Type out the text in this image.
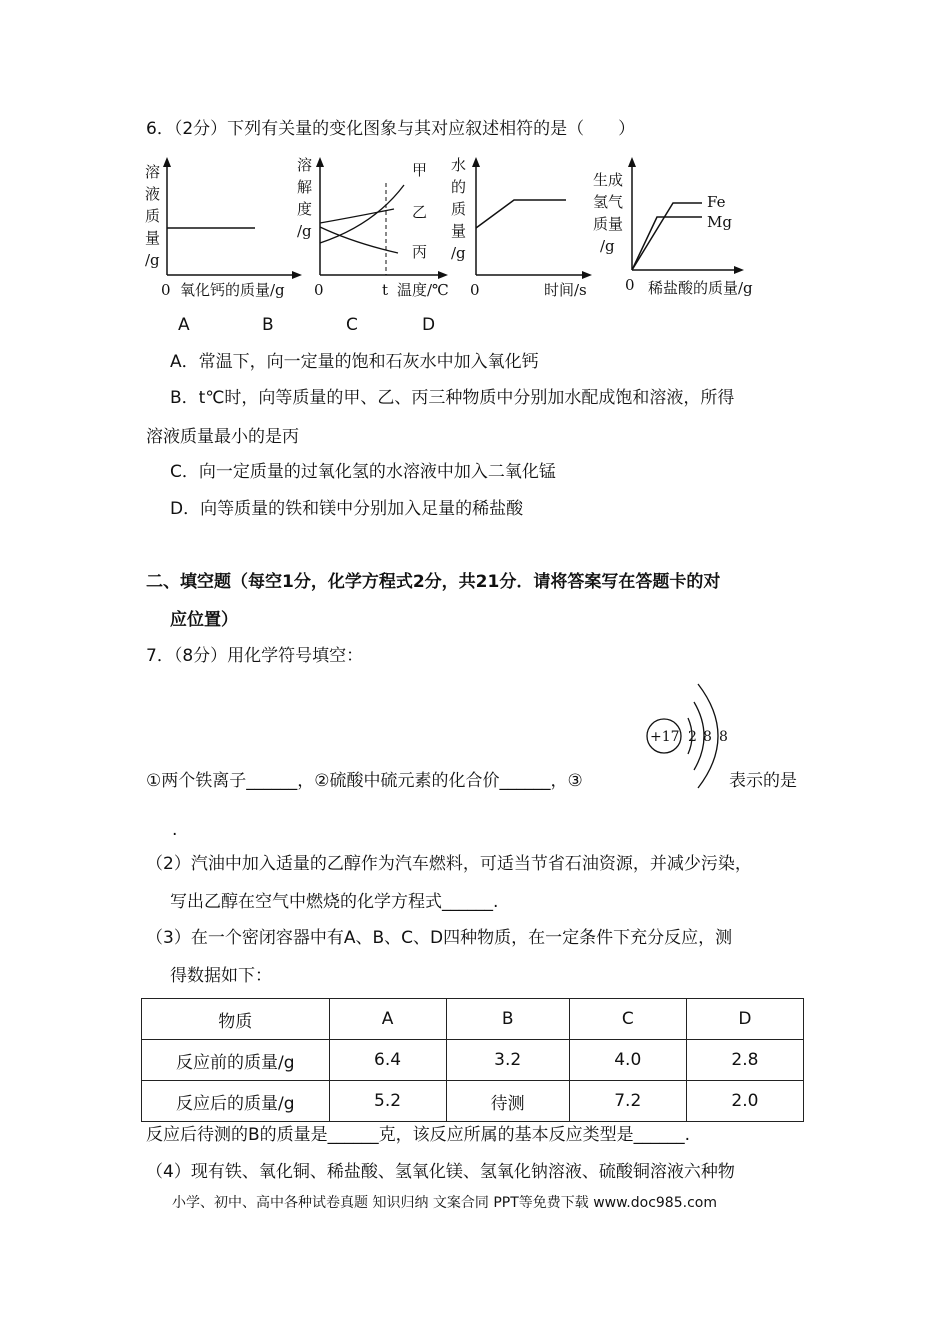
6．（2分）下列有关量的变化图象与其对应叙述相符的是（　　）
溶
液
质
量
/g
0 氧化钙的质量/g
溶
解
度
/g
甲
乙
丙
0	t 温度/℃
水
的
质
量
/g
0	时间/s
生成
氢气
质量
/g
Fe
Mg
0 稀盐酸的质量/g
A	B	C	D
A．常温下，向一定量的饱和石灰水中加入氧化钙
B．t℃时，向等质量的甲、乙、丙三种物质中分别加水配成饱和溶液，所得
溶液质量最小的是丙
C．向一定质量的过氧化氢的水溶液中加入二氧化锰
D．向等质量的铁和镁中分别加入足量的稀盐酸
二、填空题（每空1分，化学方程式2分，共21分．请将答案写在答题卡的对
应位置）
7．（8分）用化学符号填空：
+17 2 8 8
①两个铁离子______，②硫酸中硫元素的化合价______，③	表示的是
.
（2）汽油中加入适量的乙醇作为汽车燃料，可适当节省石油资源，并减少污染，
写出乙醇在空气中燃烧的化学方程式______.
（3）在一个密闭容器中有A、B、C、D四种物质，在一定条件下充分反应，测
得数据如下：
物质	A	B	C	D
反应前的质量/g	6.4	3.2	4.0	2.8
反应后的质量/g	5.2	待测	7.2	2.0
反应后待测的B的质量是______克，该反应所属的基本反应类型是______.
（4）现有铁、氧化铜、稀盐酸、氢氧化镁、氢氧化钠溶液、硫酸铜溶液六种物
小学、初中、高中各种试卷真题 知识归纳 文案合同 PPT等免费下载 www.doc985.com
